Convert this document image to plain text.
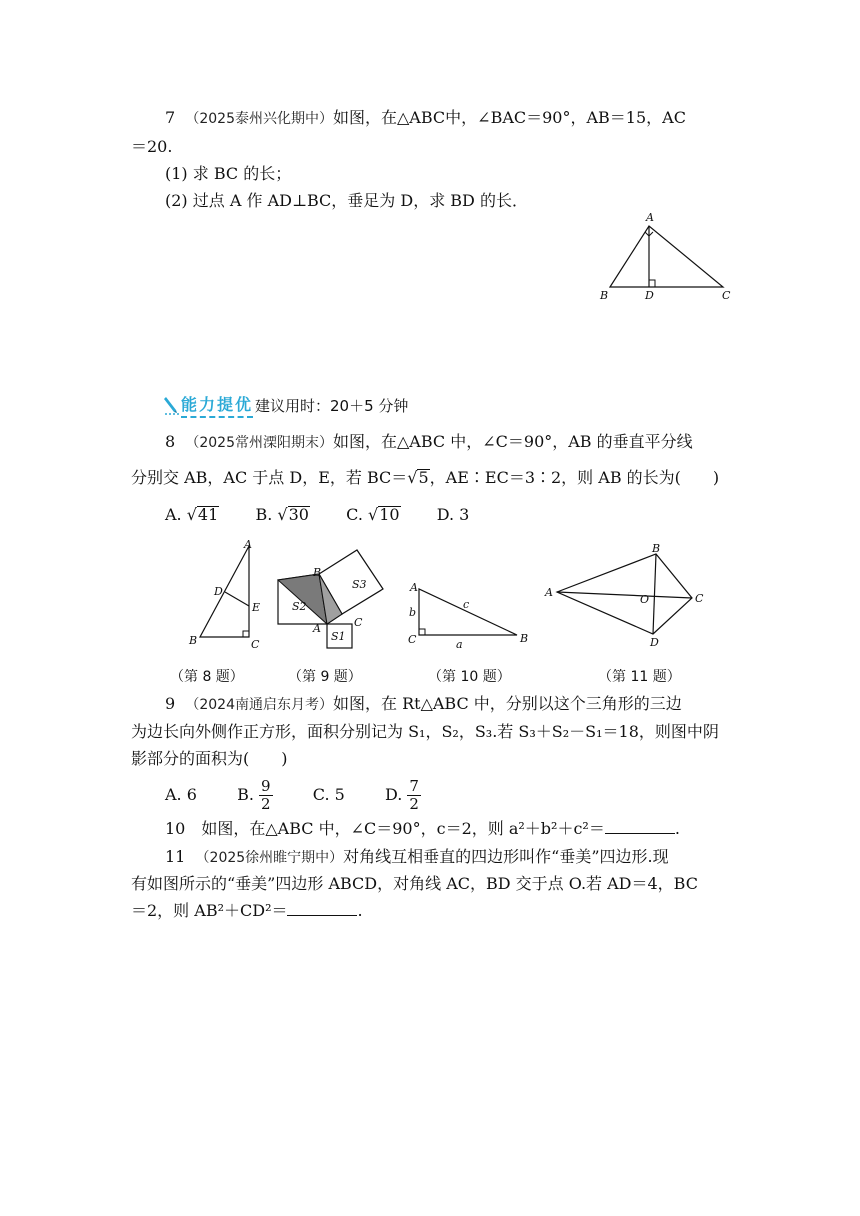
7 （2025泰州兴化期中）如图，在△ABC中，∠BAC＝90°，AB＝15，AC
＝20.
(1) 求 BC 的长；
(2) 过点 A 作 AD⊥BC，垂足为 D，求 BD 的长．
A
B	D	C
能力提优 建议用时：20＋5 分钟
8 （2025常州溧阳期末）如图，在△ABC 中，∠C＝90°，AB 的垂直平分线
分别交 AB，AC 于点 D，E，若 BC＝√5，AE∶EC＝3∶2，则 AB 的长为(　　)
A. √41 B. √30 C. √10 D. 3
A
D
E
B	C
B
S3
S2
A	C
S1
A
b
c
C	a	B
B
A
O	C
D
（第 8 题）	（第 9 题）	（第 10 题）	（第 11 题）
9 （2024南通启东月考）如图，在 Rt△ABC 中，分别以这个三角形的三边
为边长向外侧作正方形，面积分别记为 S₁，S₂，S₃.若 S₃＋S₂－S₁＝18，则图中阴
影部分的面积为(　　)
A. 6	B. $\frac{9}{2}$	C. 5	D. $\frac{7}{2}$
10　如图，在△ABC 中，∠C＝90°，c＝2，则 a²＋b²＋c²＝	.
11 （2025徐州睢宁期中）对角线互相垂直的四边形叫作“垂美”四边形.现
有如图所示的“垂美”四边形 ABCD，对角线 AC，BD 交于点 O.若 AD＝4，BC
＝2，则 AB²＋CD²＝	.
